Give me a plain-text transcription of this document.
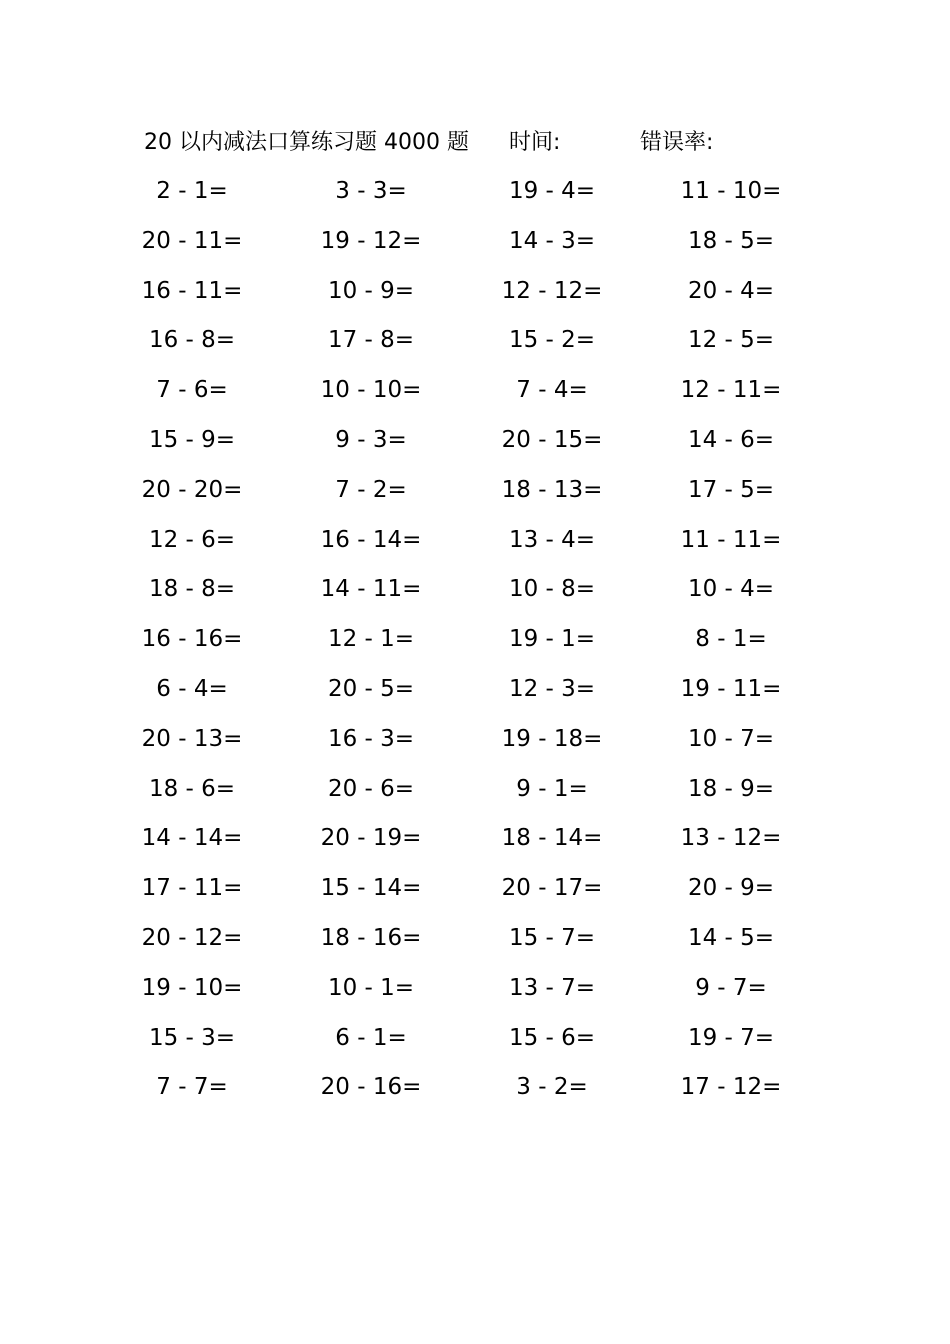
20 以内减法口算练习题 4000 题 时间:	错误率:
2 - 1=	3 - 3=	19 - 4=	11 - 10=
20 - 11=	19 - 12=	14 - 3=	18 - 5=
16 - 11=	10 - 9=	12 - 12=	20 - 4=
16 - 8=	17 - 8=	15 - 2=	12 - 5=
7 - 6=	10 - 10=	7 - 4=	12 - 11=
15 - 9=	9 - 3=	20 - 15=	14 - 6=
20 - 20=	7 - 2=	18 - 13=	17 - 5=
12 - 6=	16 - 14=	13 - 4=	11 - 11=
18 - 8=	14 - 11=	10 - 8=	10 - 4=
16 - 16=	12 - 1=	19 - 1=	8 - 1=
6 - 4=	20 - 5=	12 - 3=	19 - 11=
20 - 13=	16 - 3=	19 - 18=	10 - 7=
18 - 6=	20 - 6=	9 - 1=	18 - 9=
14 - 14=	20 - 19=	18 - 14=	13 - 12=
17 - 11=	15 - 14=	20 - 17=	20 - 9=
20 - 12=	18 - 16=	15 - 7=	14 - 5=
19 - 10=	10 - 1=	13 - 7=	9 - 7=
15 - 3=	6 - 1=	15 - 6=	19 - 7=
7 - 7=	20 - 16=	3 - 2=	17 - 12=
